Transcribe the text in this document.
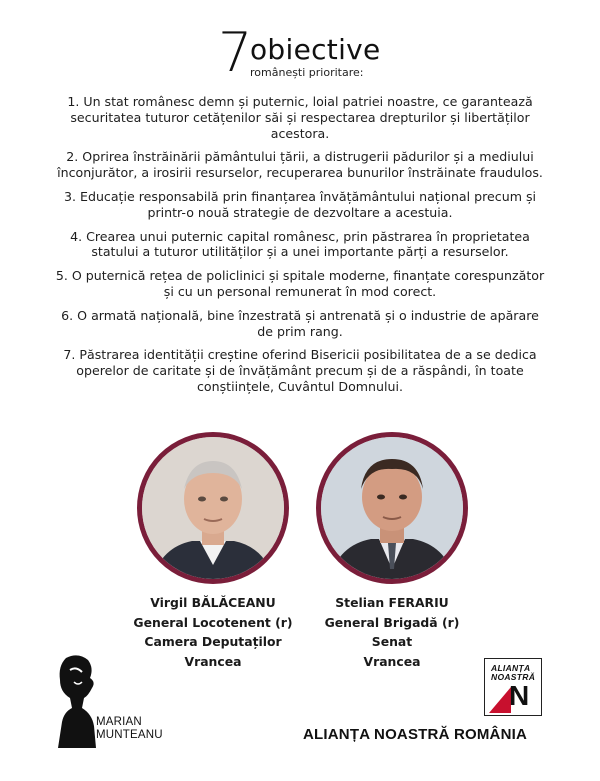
7
obiective
românești prioritare:

1. Un stat românesc demn și puternic, loial patriei noastre, ce garantează securitatea tuturor cetățenilor săi și respectarea drepturilor și libertăților acestora.

2. Oprirea înstrăinării pământului țării, a distrugerii pădurilor și a mediului înconjurător, a irosirii resurselor, recuperarea bunurilor înstrăinate fraudulos.

3. Educație responsabilă prin finanțarea învățământului național precum și printr-o nouă strategie de dezvoltare a acestuia.

4. Crearea unui puternic capital românesc, prin păstrarea în proprietatea statului a tuturor utilităților și a unei importante părți a resurselor.

5. O puternică rețea de policlinici și spitale moderne, finanțate corespunzător și cu un personal remunerat în mod corect.

6. O armată națională, bine înzestrată și antrenată și o industrie de apărare de prim rang.

7. Păstrarea identității creștine oferind Bisericii posibilitatea de a se dedica operelor de caritate și de învățământ precum și de a răspândi, în toate conștiințele, Cuvântul Domnului.

Virgil BĂLĂCEANU
General Locotenent (r)
Camera Deputaților
Vrancea
Stelian FERARIU
General Brigadă (r)
Senat
Vrancea
MARIAN
MUNTEANU
ALIANȚA
NOASTRĂ
N
ALIANȚA NOASTRĂ ROMÂNIA
